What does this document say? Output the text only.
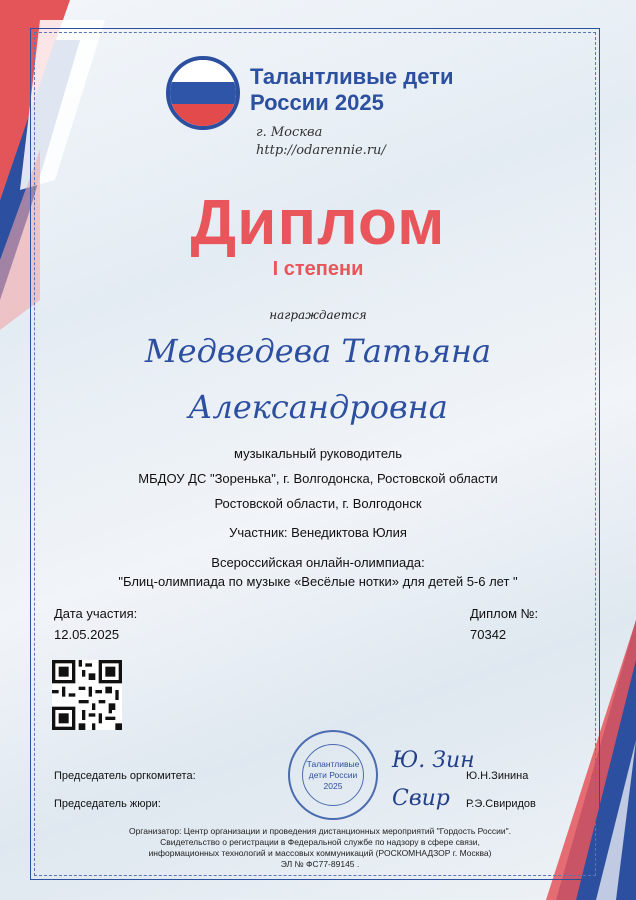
Талантливые дети
России 2025
г. Москва
http://odarennie.ru/
Диплом
I степени
награждается
Медведева Татьяна
Александровна
музыкальный руководитель
МБДОУ ДС "Зоренька", г. Волгодонска, Ростовской области
Ростовской области, г. Волгодонск
Участник: Венедиктова Юлия
Всероссийская онлайн-олимпиада:
"Блиц-олимпиада по музыке «Весёлые нотки» для детей 5-6 лет "
Дата участия:
12.05.2025
Диплом №:
70342
Председатель оргкомитета:	Ю.Н.Зинина
Председатель жюри:	Р.Э.Свиридов
Талантливые
дети России
2025
Ю. Зин
Свир
Организатор: Центр организации и проведения дистанционных мероприятий "Гордость России".
Свидетельство о регистрации в Федеральной службе по надзору в сфере связи,
информационных технологий и массовых коммуникаций (РОСКОМНАДЗОР г. Москва)
ЭЛ № ФС77-89145 .
